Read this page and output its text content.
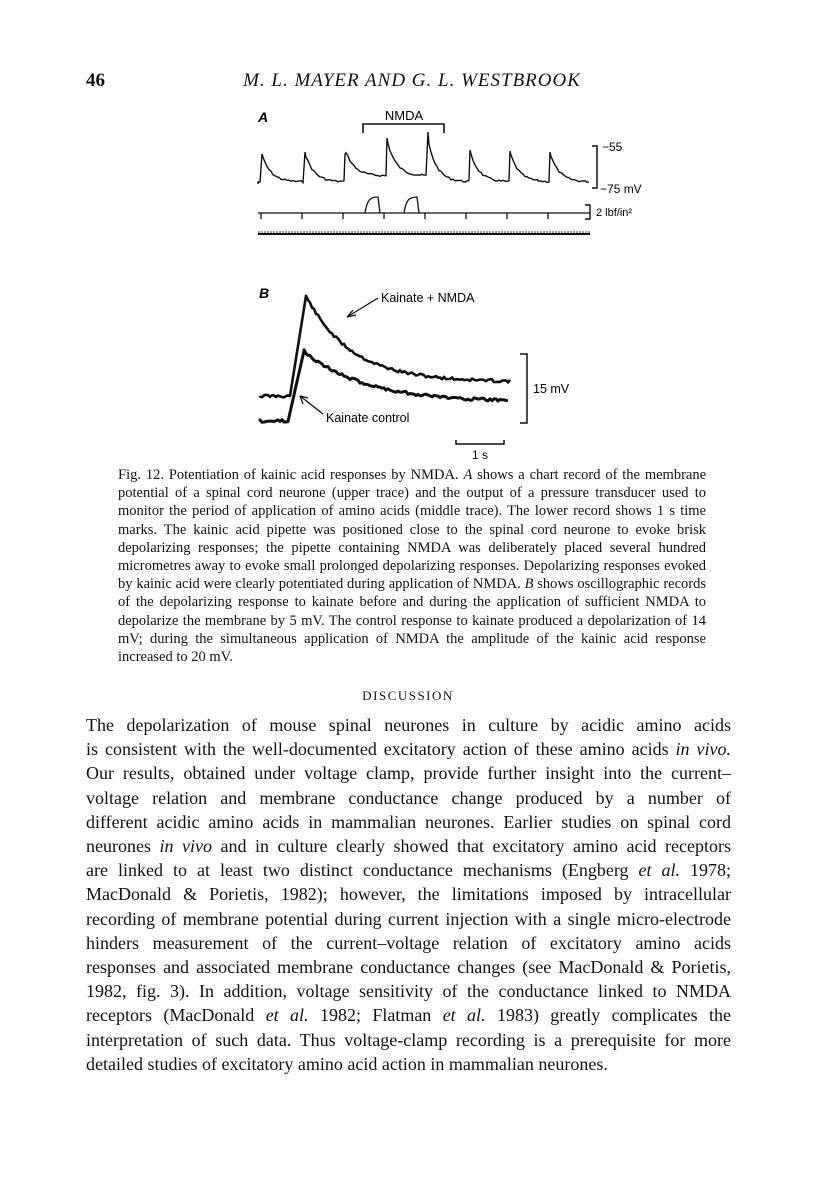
46	M. L. MAYER AND G. L. WESTBROOK
A	NMDA
−55
−75 mV
2 lbf/in²
B	Kainate + NMDA
Kainate control
15 mV
1 s
Fig. 12. Potentiation of kainic acid responses by NMDA. A shows a chart record of the membrane potential of a spinal cord neurone (upper trace) and the output of a pressure transducer used to monitor the period of application of amino acids (middle trace). The lower record shows 1 s time marks. The kainic acid pipette was positioned close to the spinal cord neurone to evoke brisk depolarizing responses; the pipette containing NMDA was deliberately placed several hundred micrometres away to evoke small prolonged depolarizing responses. Depolarizing responses evoked by kainic acid were clearly potentiated during application of NMDA. B shows oscillographic records of the depolarizing response to kainate before and during the application of sufficient NMDA to depolarize the membrane by 5 mV. The control response to kainate produced a depolarization of 14 mV; during the simultaneous application of NMDA the amplitude of the kainic acid response increased to 20 mV.
DISCUSSION
The depolarization of mouse spinal neurones in culture by acidic amino acids
is consistent with the well-documented excitatory action of these amino acids in vivo.
Our results, obtained under voltage clamp, provide further insight into the current–
voltage relation and membrane conductance change produced by a number of
different acidic amino acids in mammalian neurones. Earlier studies on spinal cord
neurones in vivo and in culture clearly showed that excitatory amino acid receptors
are linked to at least two distinct conductance mechanisms (Engberg et al. 1978;
MacDonald & Porietis, 1982); however, the limitations imposed by intracellular
recording of membrane potential during current injection with a single micro-electrode
hinders measurement of the current–voltage relation of excitatory amino acids
responses and associated membrane conductance changes (see MacDonald & Porietis,
1982, fig. 3). In addition, voltage sensitivity of the conductance linked to NMDA
receptors (MacDonald et al. 1982; Flatman et al. 1983) greatly complicates the
interpretation of such data. Thus voltage-clamp recording is a prerequisite for more
detailed studies of excitatory amino acid action in mammalian neurones.
